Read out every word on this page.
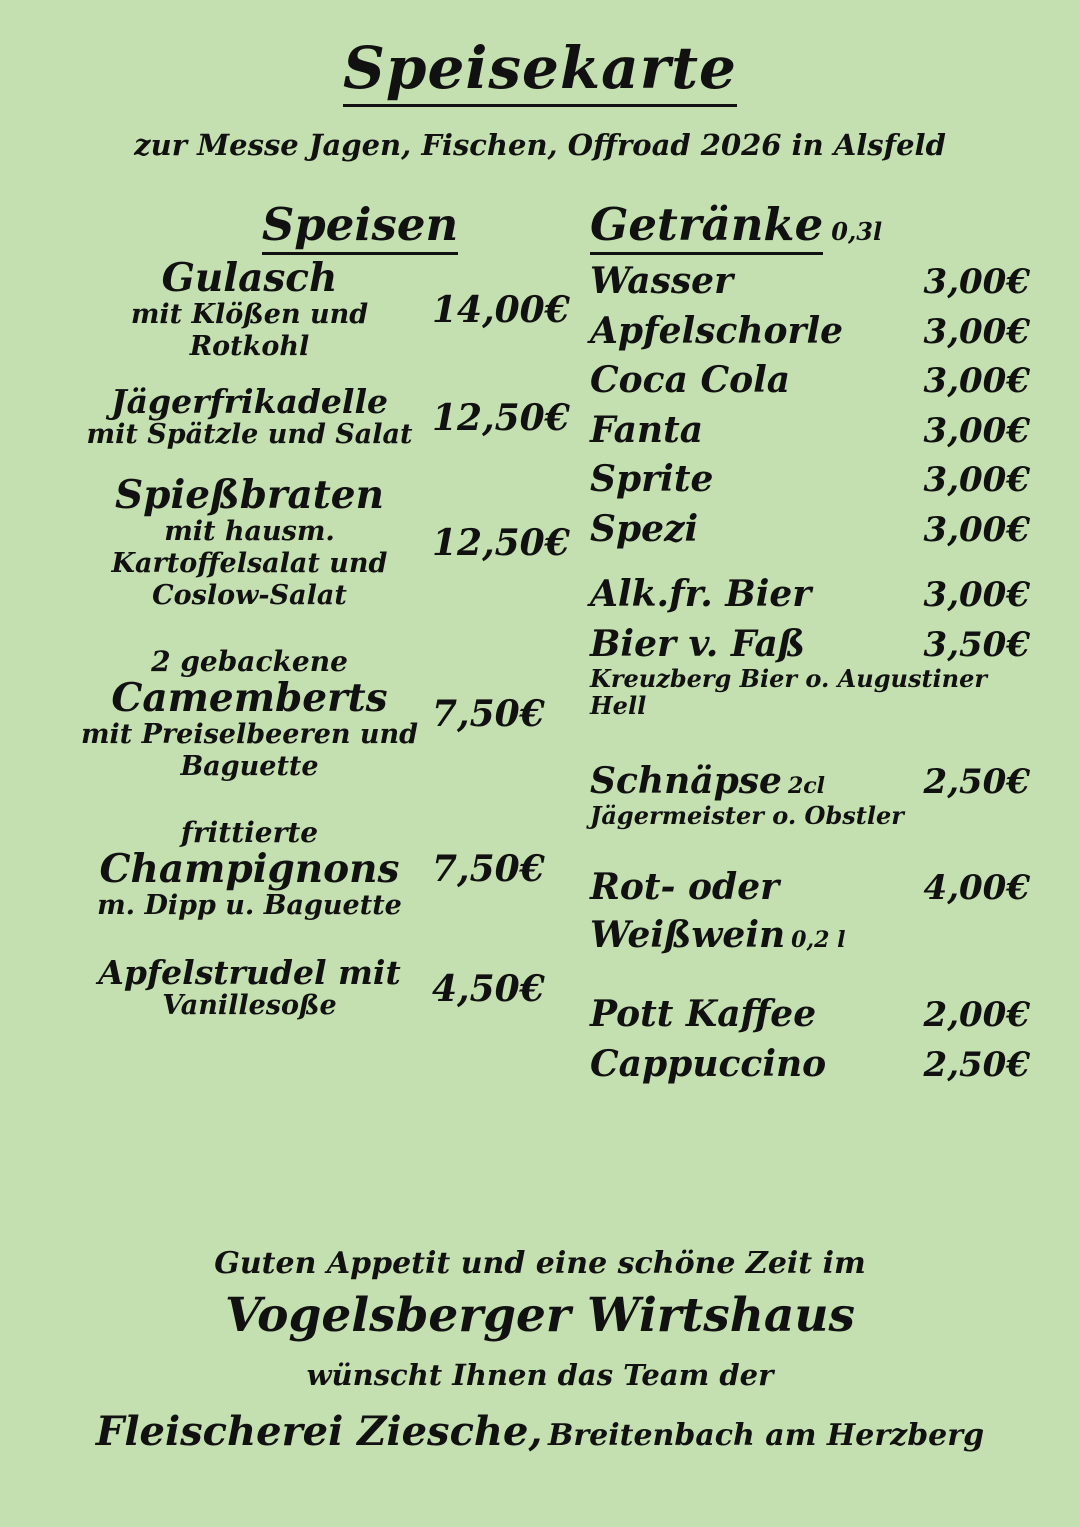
Speisekarte
zur Messe Jagen, Fischen, Offroad 2026 in Alsfeld
Speisen	Getränke 0,3l
Gulasch
mit Klößen und Rotkohl
14,00€
Jägerfrikadelle
mit Spätzle und Salat 12,50€
Spießbraten
mit hausm. Kartoffelsalat und Coslow-Salat
12,50€
2 gebackene
Camemberts
mit Preiselbeeren und Baguette
7,50€
frittierte
Champignons
m. Dipp u. Baguette
7,50€
Apfelstrudel mit
Vanillesoße	4,50€
Wasser	3,00€
Apfelschorle 3,00€
Coca Cola	3,00€
Fanta	3,00€
Sprite	3,00€
Spezi	3,00€
Alk.fr. Bier	3,00€
Bier v. Faß	3,50€
Kreuzberg Bier o. Augustiner Hell
Schnäpse 2cl	2,50€
Jägermeister o. Obstler
Rot- oder Weißwein 0,2 l
4,00€
Pott Kaffee	2,00€
Cappuccino	2,50€
Guten Appetit und eine schöne Zeit im
Vogelsberger Wirtshaus
wünscht Ihnen das Team der
Fleischerei Ziesche, Breitenbach am Herzberg
